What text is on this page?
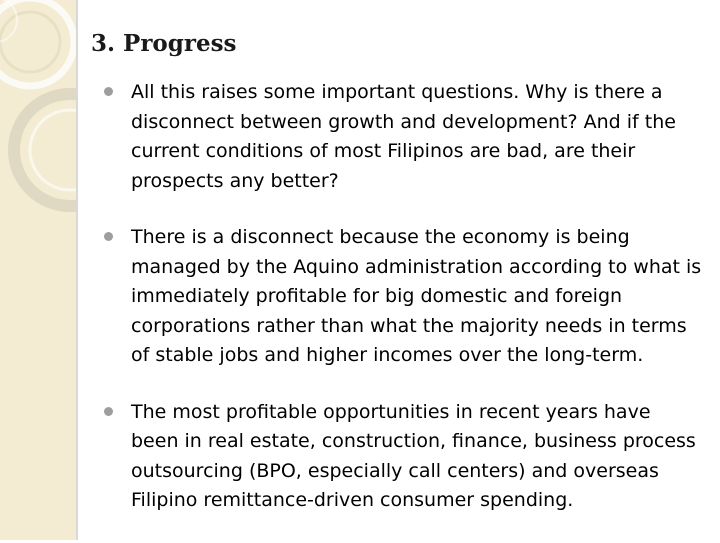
3. Progress
All this raises some important questions. Why is there a disconnect between growth and development? And if the current conditions of most Filipinos are bad, are their prospects any better?
There is a disconnect because the economy is being managed by the Aquino administration according to what is immediately profitable for big domestic and foreign corporations rather than what the majority needs in terms of stable jobs and higher incomes over the long-term.
The most profitable opportunities in recent years have been in real estate, construction, finance, business process outsourcing (BPO, especially call centers) and overseas Filipino remittance-driven consumer spending.
